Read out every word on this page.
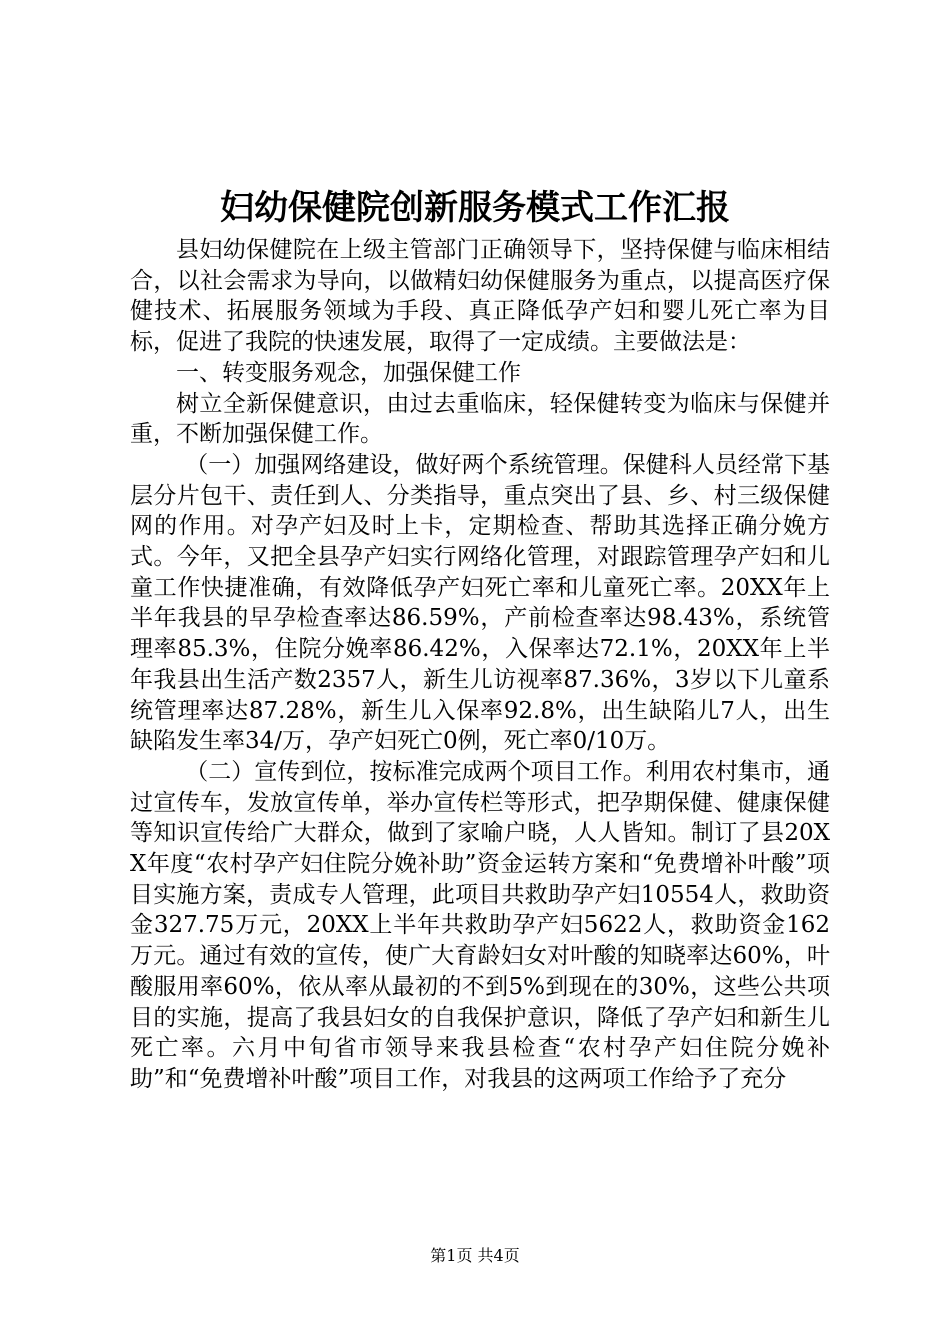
妇幼保健院创新服务模式工作汇报

县妇幼保健院在上级主管部门正确领导下，坚持保健与临床相结合，以社会需求为导向，以做精妇幼保健服务为重点，以提高医疗保健技术、拓展服务领域为手段、真正降低孕产妇和婴儿死亡率为目标，促进了我院的快速发展，取得了一定成绩。主要做法是：

一、转变服务观念，加强保健工作

树立全新保健意识，由过去重临床，轻保健转变为临床与保健并重，不断加强保健工作。

（一）加强网络建设，做好两个系统管理。保健科人员经常下基层分片包干、责任到人、分类指导，重点突出了县、乡、村三级保健网的作用。对孕产妇及时上卡，定期检查、帮助其选择正确分娩方式。今年，又把全县孕产妇实行网络化管理，对跟踪管理孕产妇和儿童工作快捷准确，有效降低孕产妇死亡率和儿童死亡率。20XX年上半年我县的早孕检查率达86.59%，产前检查率达98.43%，系统管理率85.3%，住院分娩率86.42%，入保率达72.1%，20XX年上半年我县出生活产数2357人，新生儿访视率87.36%，3岁以下儿童系统管理率达87.28%，新生儿入保率92.8%，出生缺陷儿7人，出生缺陷发生率34/万，孕产妇死亡0例，死亡率0/10万。

（二）宣传到位，按标准完成两个项目工作。利用农村集市，通过宣传车，发放宣传单，举办宣传栏等形式，把孕期保健、健康保健等知识宣传给广大群众，做到了家喻户晓，人人皆知。制订了县20XX年度“农村孕产妇住院分娩补助”资金运转方案和“免费增补叶酸”项目实施方案，责成专人管理，此项目共救助孕产妇10554人，救助资金327.75万元，20XX上半年共救助孕产妇5622人，救助资金162万元。通过有效的宣传，使广大育龄妇女对叶酸的知晓率达60%，叶酸服用率60%，依从率从最初的不到5%到现在的30%，这些公共项目的实施，提高了我县妇女的自我保护意识，降低了孕产妇和新生儿死亡率。六月中旬省市领导来我县检查“农村孕产妇住院分娩补助”和“免费增补叶酸”项目工作，对我县的这两项工作给予了充分

第1页 共4页
